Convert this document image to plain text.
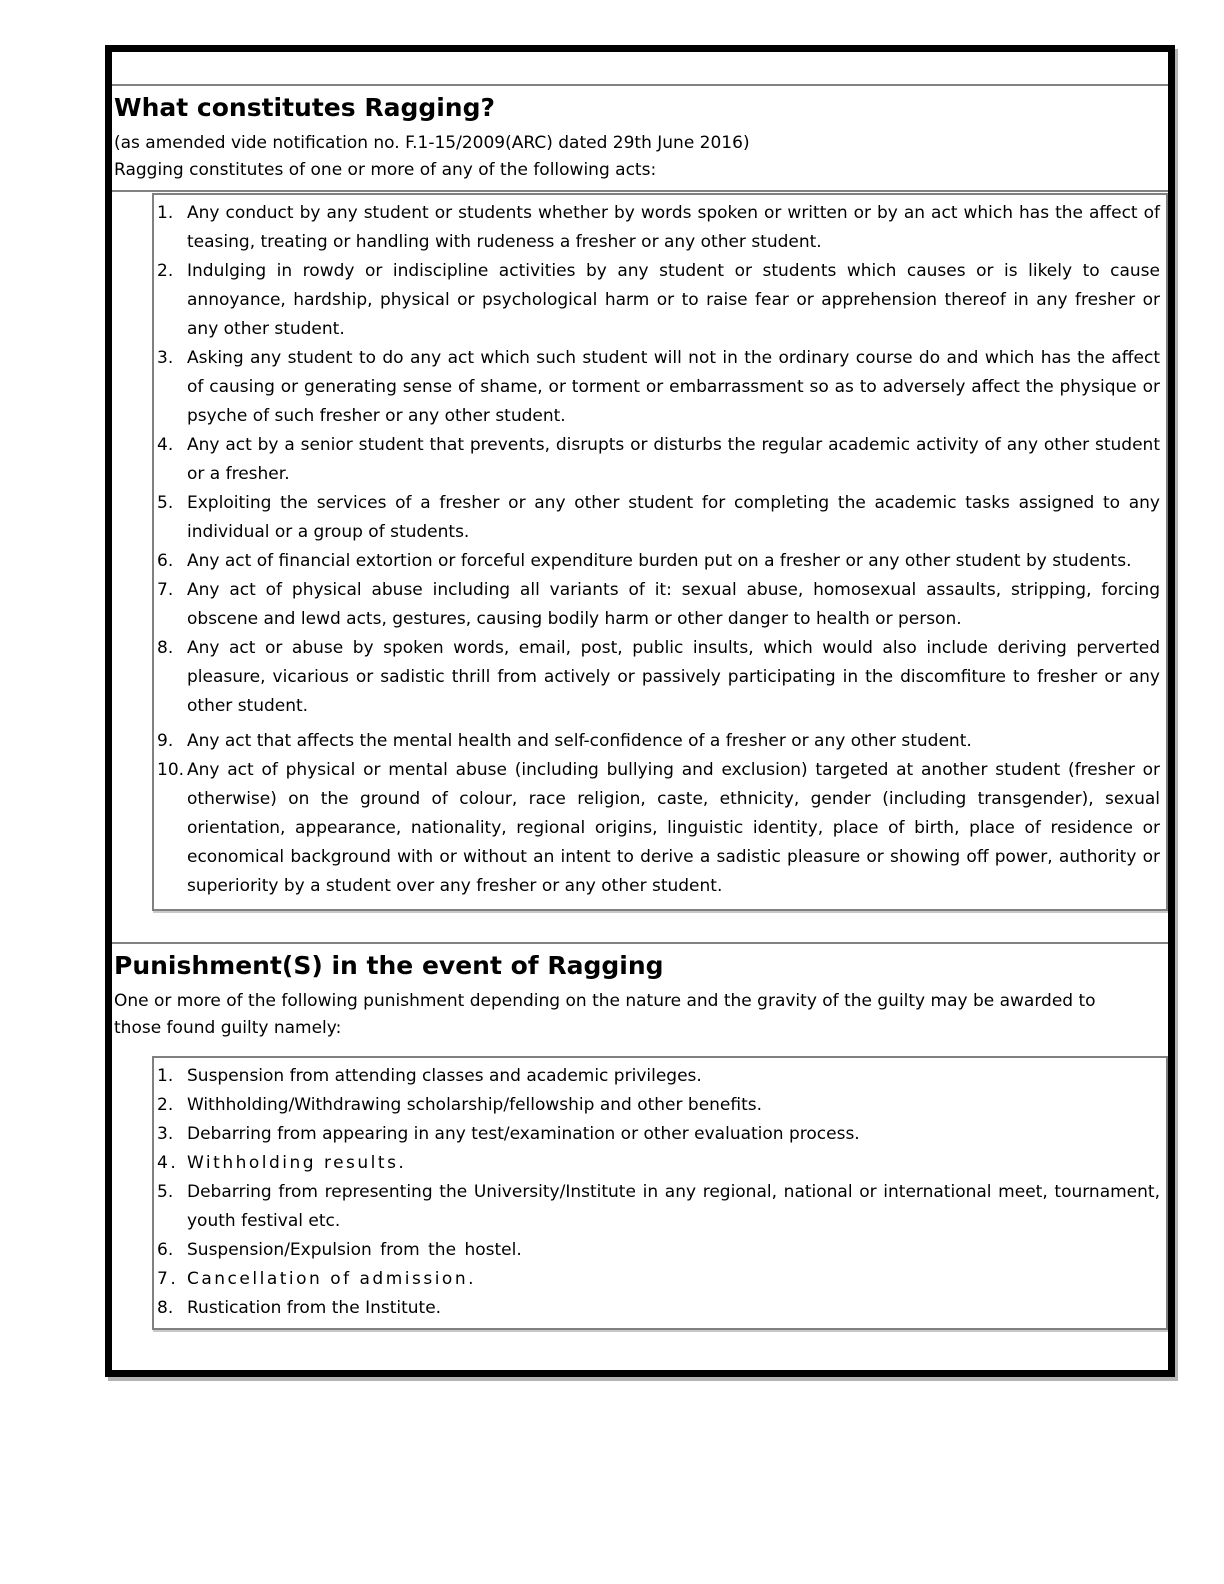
What constitutes Ragging?

(as amended vide notification no. F.1-15/2009(ARC) dated 29th June 2016)

Ragging constitutes of one or more of any of the following acts:

Any conduct by any student or students whether by words spoken or written or by an act which has the affect of teasing, treating or handling with rudeness a fresher or any other student.
Indulging in rowdy or indiscipline activities by any student or students which causes or is likely to cause annoyance, hardship, physical or psychological harm or to raise fear or apprehension thereof in any fresher or any other student.
Asking any student to do any act which such student will not in the ordinary course do and which has the affect of causing or generating sense of shame, or torment or embarrassment so as to adversely affect the physique or psyche of such fresher or any other student.
Any act by a senior student that prevents, disrupts or disturbs the regular academic activity of any other student or a fresher.
Exploiting the services of a fresher or any other student for completing the academic tasks assigned to any individual or a group of students.
Any act of financial extortion or forceful expenditure burden put on a fresher or any other student by students.
Any act of physical abuse including all variants of it: sexual abuse, homosexual assaults, stripping, forcing obscene and lewd acts, gestures, causing bodily harm or other danger to health or person.
Any act or abuse by spoken words, email, post, public insults, which would also include deriving perverted pleasure, vicarious or sadistic thrill from actively or passively participating in the discomfiture to fresher or any other student.
Any act that affects the mental health and self-confidence of a fresher or any other student.
Any act of physical or mental abuse (including bullying and exclusion) targeted at another student (fresher or otherwise) on the ground of colour, race religion, caste, ethnicity, gender (including transgender), sexual orientation, appearance, nationality, regional origins, linguistic identity, place of birth, place of residence or economical background with or without an intent to derive a sadistic pleasure or showing off power, authority or superiority by a student over any fresher or any other student.
Punishment(S) in the event of Ragging

One or more of the following punishment depending on the nature and the gravity of the guilty may be awarded to those found guilty namely:

Suspension from attending classes and academic privileges.
Withholding/Withdrawing scholarship/fellowship and other benefits.
Debarring from appearing in any test/examination or other evaluation process.
Withholding results.
Debarring from representing the University/Institute in any regional, national or international meet, tournament, youth festival etc.
Suspension/Expulsion from the hostel.
Cancellation of admission.
Rustication from the Institute.
